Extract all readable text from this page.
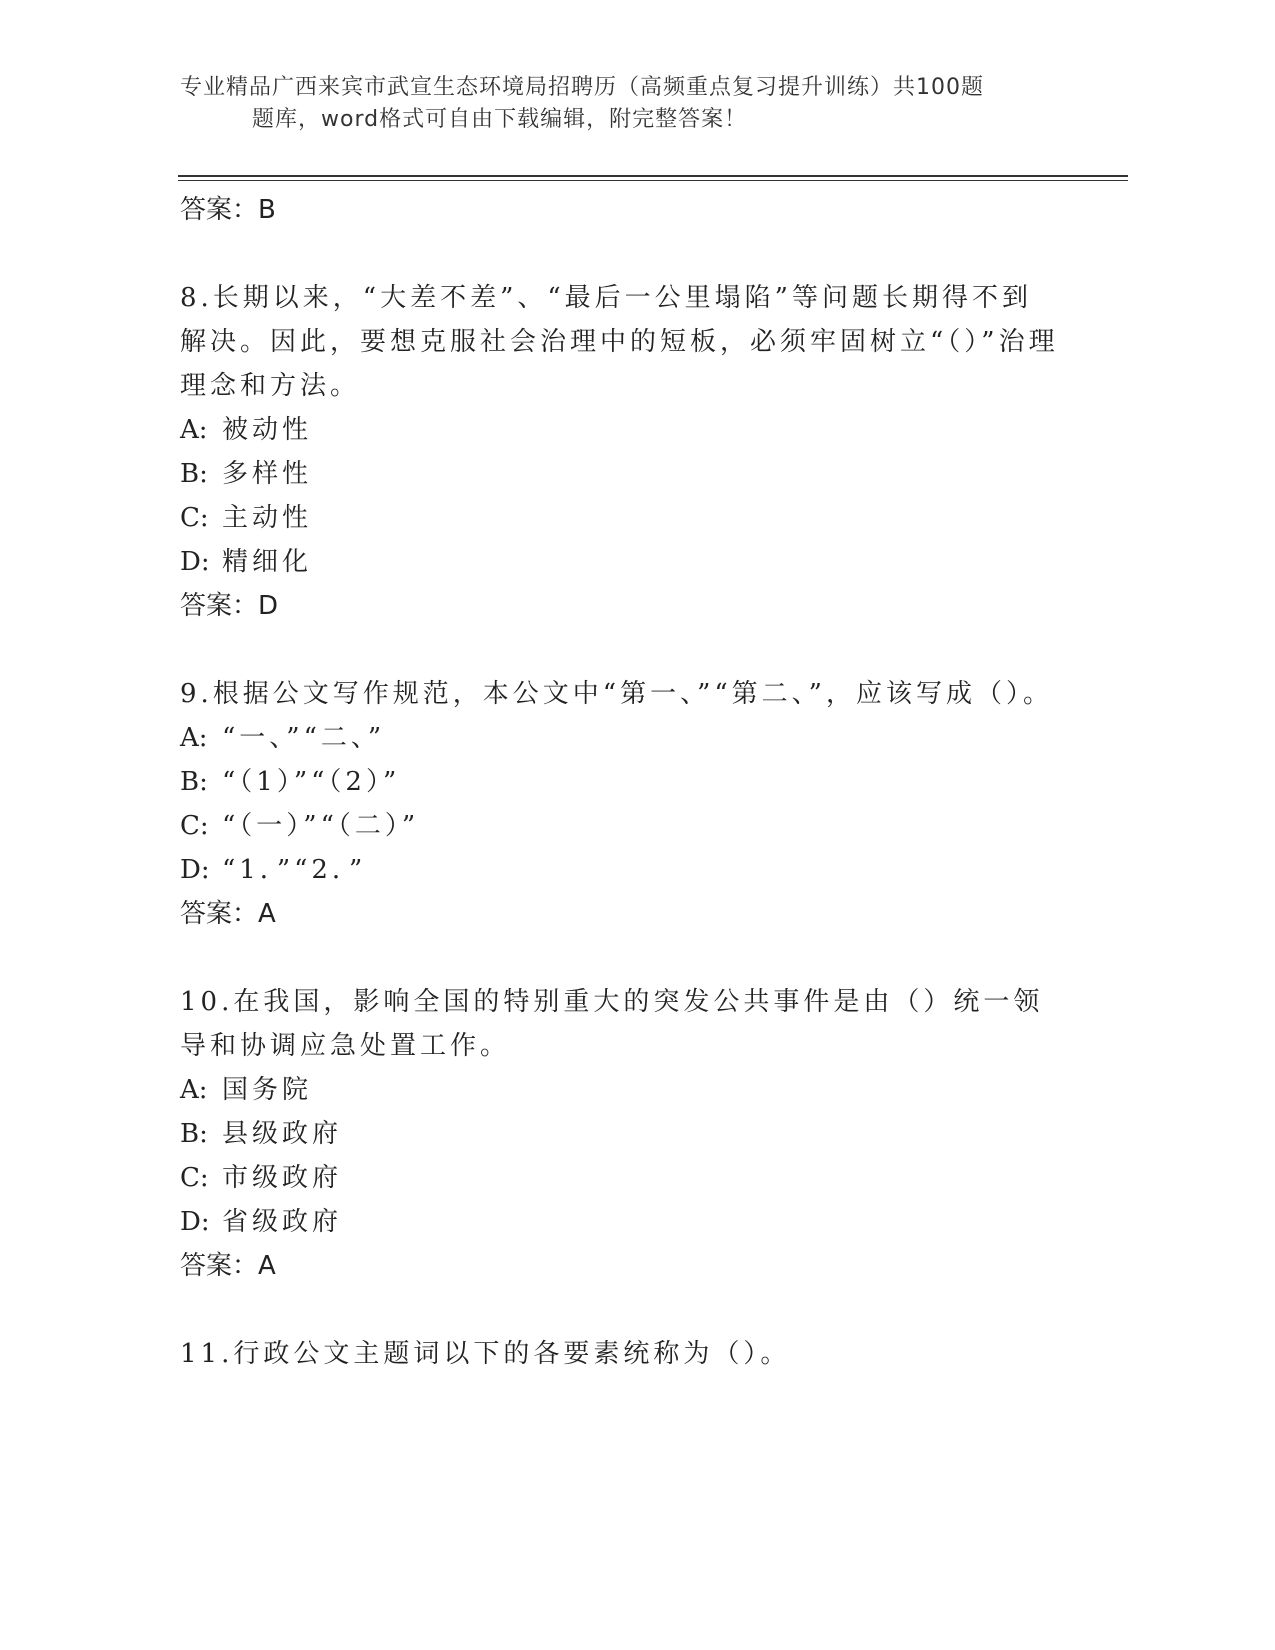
专业精品广西来宾市武宣生态环境局招聘历（高频重点复习提升训练）共100题
题库，word格式可自由下载编辑，附完整答案！
答案：B
8.长期以来，“大差不差”、“最后一公里塌陷”等问题长期得不到解决。因此，要想克服社会治理中的短板，必须牢固树立“（）”治理理念和方法。
A: 被动性
B: 多样性
C: 主动性
D: 精细化
答案：D
9.根据公文写作规范，本公文中“第一、”“第二、”，应该写成（）。
A: “一、”“二、”
B: “（1）”“（2）”
C: “（一）”“（二）”
D: “1．”“2．”
答案：A
10.在我国，影响全国的特别重大的突发公共事件是由（）统一领导和协调应急处置工作。
A: 国务院
B: 县级政府
C: 市级政府
D: 省级政府
答案：A
11.行政公文主题词以下的各要素统称为（）。
